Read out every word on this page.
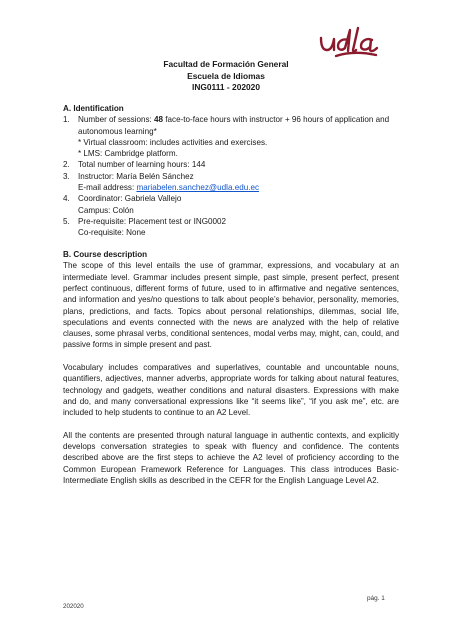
Facultad de Formación General
Escuela de Idiomas
ING0111 - 202020

A. Identification

1. Number of sessions: 48 face-to-face hours with instructor + 96 hours of application and autonomous learning*
* Virtual classroom: includes activities and exercises.
* LMS: Cambridge platform.
2. Total number of learning hours: 144
3. Instructor: María Belén Sánchez
E-mail address: mariabelen.sanchez@udla.edu.ec
4. Coordinator: Gabriela Vallejo
Campus: Colón
5. Pre-requisite: Placement test or ING0002
Co-requisite: None

B. Course description

The scope of this level entails the use of grammar, expressions, and vocabulary at an intermediate level. Grammar includes present simple, past simple, present perfect, present perfect continuous, different forms of future, used to in affirmative and negative sentences, and information and yes/no questions to talk about people’s behavior, personality, memories, plans, predictions, and facts. Topics about personal relationships, dilemmas, social life, speculations and events connected with the news are analyzed with the help of relative clauses, some phrasal verbs, conditional sentences, modal verbs may, might, can, could, and passive forms in simple present and past.

Vocabulary includes comparatives and superlatives, countable and uncountable nouns, quantifiers, adjectives, manner adverbs, appropriate words for talking about natural features, technology and gadgets, weather conditions and natural disasters. Expressions with make and do, and many conversational expressions like “it seems like”, “if you ask me”, etc. are included to help students to continue to an A2 Level.

All the contents are presented through natural language in authentic contexts, and explicitly develops conversation strategies to speak with fluency and confidence. The contents described above are the first steps to achieve the A2 level of proficiency according to the Common European Framework Reference for Languages. This class introduces Basic-Intermediate English skills as described in the CEFR for the English Language Level A2.

pág. 1
202020
